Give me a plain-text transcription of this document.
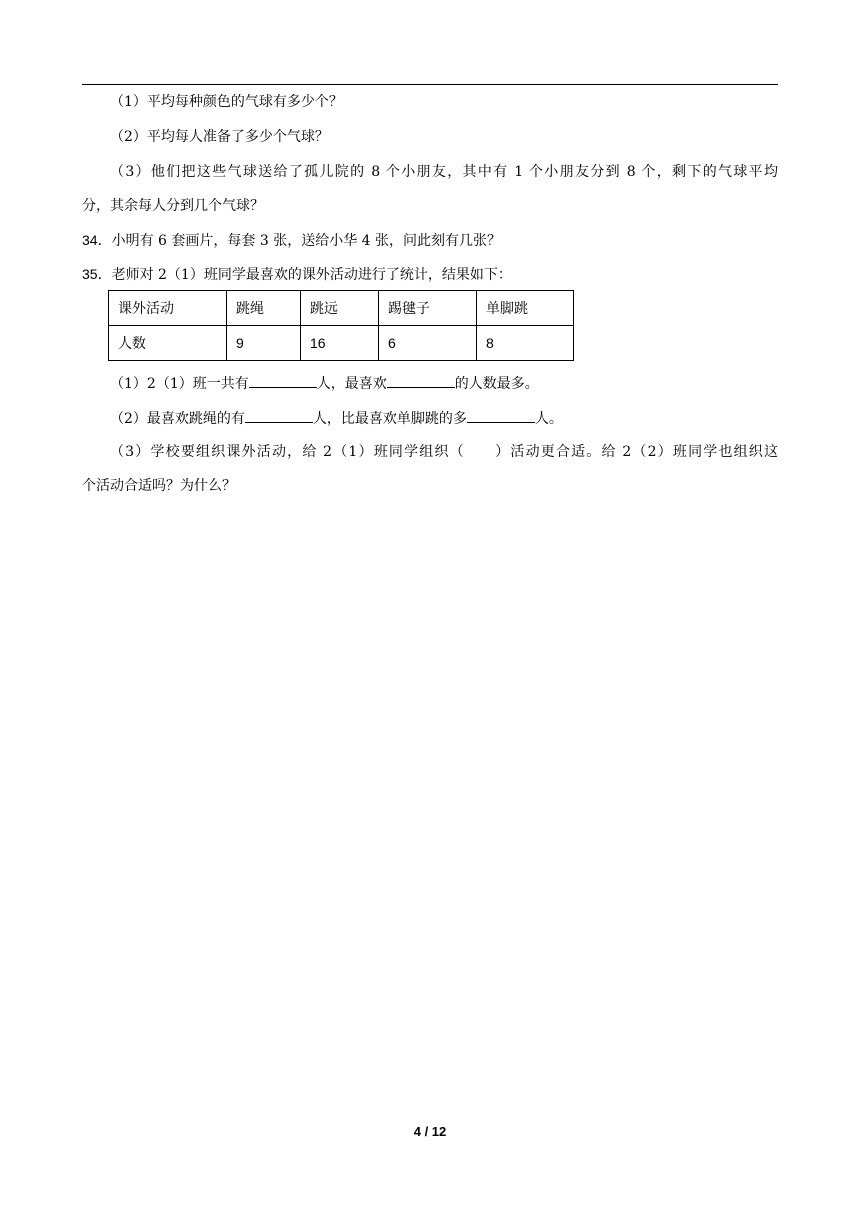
（1）平均每种颜色的气球有多少个？
（2）平均每人准备了多少个气球？
（3）他们把这些气球送给了孤儿院的 8 个小朋友，其中有 1 个小朋友分到 8 个，剩下的气球平均
分，其余每人分到几个气球？
34．小明有 6 套画片，每套 3 张，送给小华 4 张，问此刻有几张？
35．老师对 2（1）班同学最喜欢的课外活动进行了统计，结果如下：
课外活动	跳绳	跳远	踢毽子	单脚跳
人数	9	16	6	8
（1）2（1）班一共有	人，最喜欢	的人数最多。
（2）最喜欢跳绳的有	人，比最喜欢单脚跳的多	人。
（3）学校要组织课外活动，给 2（1）班同学组织（　　）活动更合适。给 2（2）班同学也组织这
个活动合适吗？为什么？
4 / 12
